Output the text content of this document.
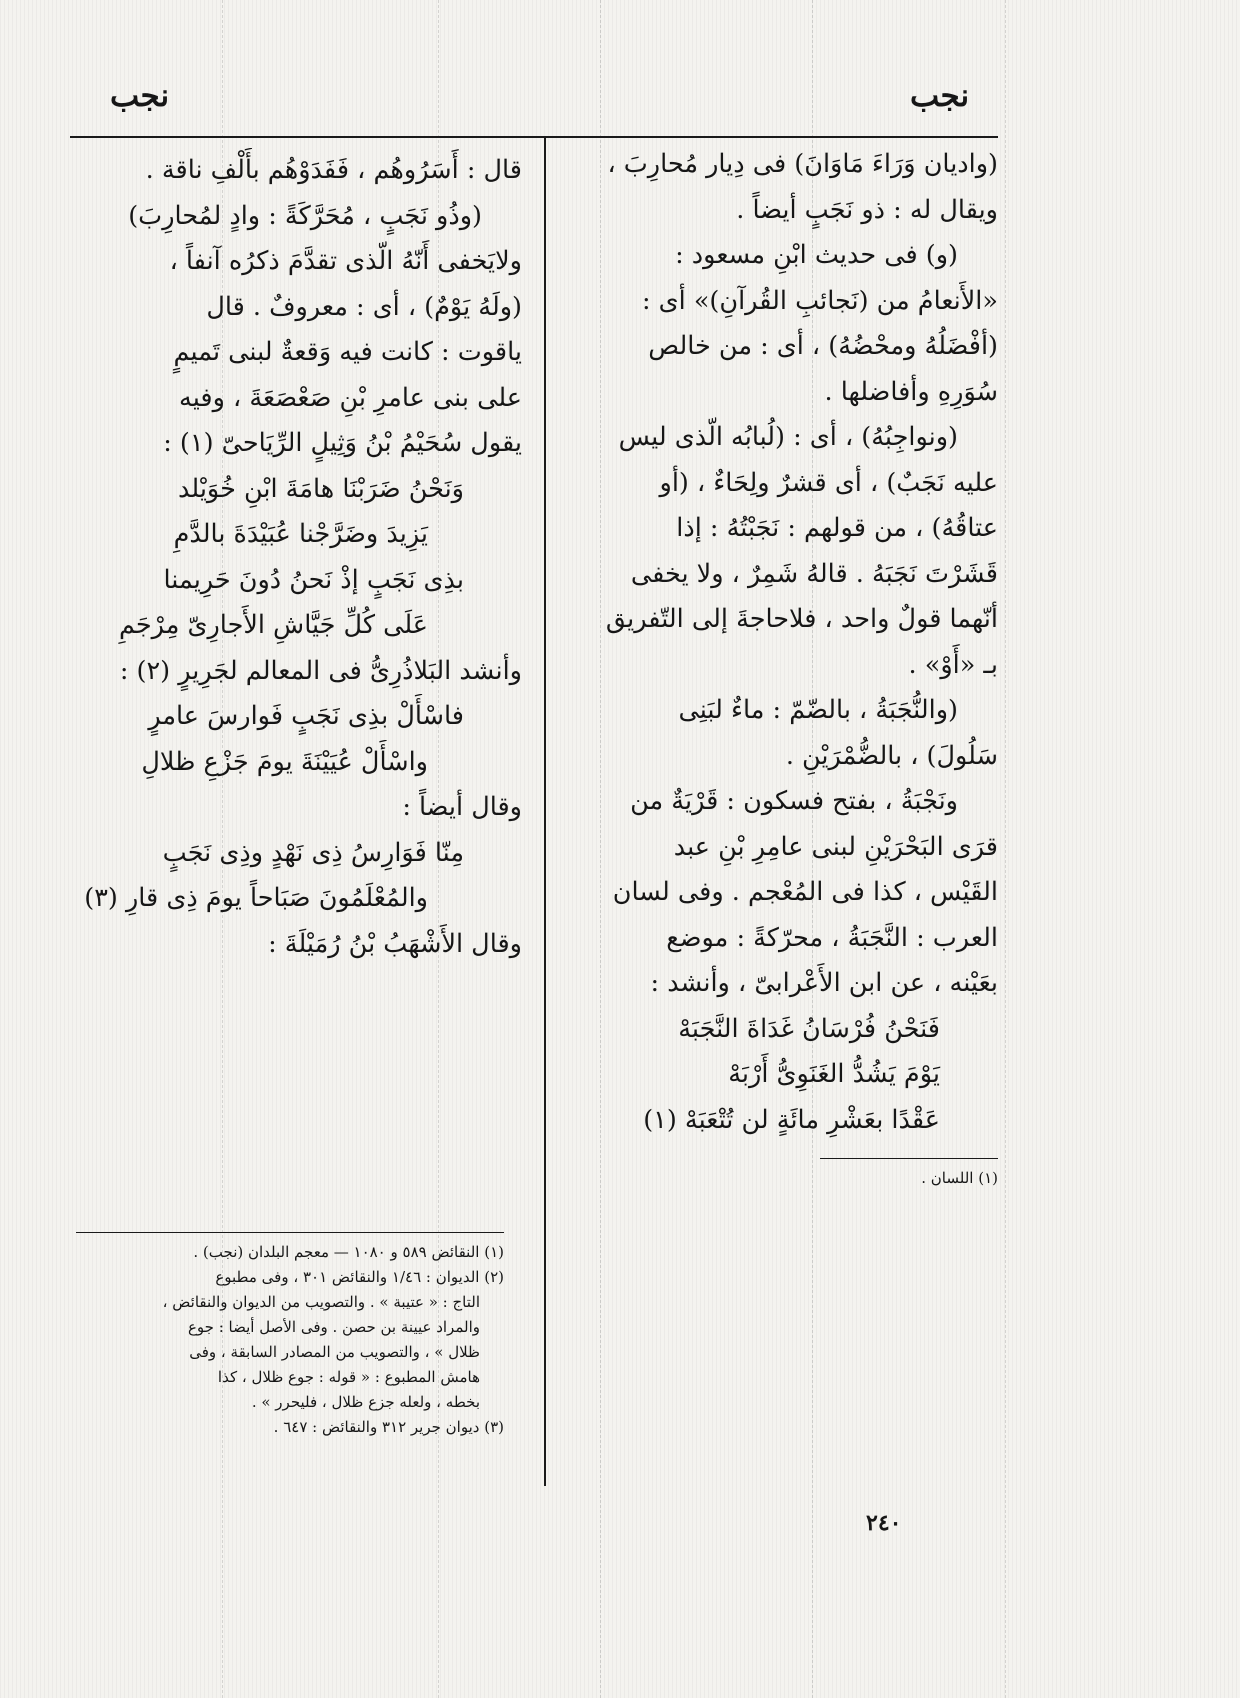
نجب	نجب
(واديان وَرَاءَ مَاوَانَ) فى دِيار مُحارِبَ ،
ويقال له : ذو نَجَبٍ أيضاً .
(و) فى حديث ابْنِ مسعود :
«الأَنعامُ من (نَجائبِ القُرآنِ)» أى :
(أفْضَلُهُ ومحْضُهُ) ، أى : من خالص
سُوَرِهِ وأفاضلها .
(ونواجِبُهُ) ، أى : (لُبابُه الّذى ليس
عليه نَجَبٌ) ، أى قشرٌ ولِحَاءٌ ، (أو
عتاقُهُ) ، من قولهم : نَجَبْتُهُ : إذا
قَشَرْتَ نَجَبَهُ . قالهُ شَمِرٌ ، ولا يخفى
أنّهما قولٌ واحد ، فلاحاجةَ إلى التّفريق
بـ «أَوْ» .
(والنُّجَبَةُ ، بالضّمّ : ماءٌ لبَنِى
سَلُولَ) ، بالضُّمْرَيْنِ .
ونَجْبَةُ ، بفتح فسكون : قَرْيَةٌ من
قرَى البَحْرَيْنِ لبنى عامِرِ بْنِ عبد
القَيْس ، كذا فى المُعْجم . وفى لسان
العرب : النَّجَبَةُ ، محرّكةً : موضع
بعَيْنه ، عن ابن الأَعْرابىّ ، وأنشد :
فَنَحْنُ فُرْسَانُ غَدَاةَ النَّجَبَهْ
يَوْمَ يَشُدُّ الغَنَوِىُّ أَرْبَهْ
عَقْدًا بعَشْرِ مائَةٍ لن تُتْعَبَهْ (١)
(١) اللسان .
قال : أَسَرُوهُم ، فَفَدَوْهُم بأَلْفِ ناقة .
(وذُو نَجَبٍ ، مُحَرَّكَةً : وادٍ لمُحارِبَ)
ولايَخفى أَنّهُ الّذى تقدَّمَ ذكرُه آنفاً ،
(ولَهُ يَوْمٌ) ، أى : معروفٌ . قال
ياقوت : كانت فيه وَقعةٌ لبنى تَميمٍ
على بنى عامرِ بْنِ صَعْصَعَةَ ، وفيه
يقول سُحَيْمُ بْنُ وَثِيلٍ الرِّيَاحىّ (١) :
وَنَحْنُ ضَرَبْنَا هامَةَ ابْنِ خُوَيْلد
يَزِيدَ وضَرَّجْنا عُبَيْدَةَ بالدَّمِ
بذِى نَجَبٍ إذْ نَحنُ دُونَ حَرِيمنا
عَلَى كُلِّ جَيَّاشِ الأَجارِىّ مِرْجَمِ
وأنشد البَلاذُرِىُّ فى المعالم لجَرِيرٍ (٢) :
فاسْأَلْ بذِى نَجَبٍ فَوارسَ عامرٍ
واسْأَلْ عُيَيْنَةَ يومَ جَزْعِ ظلالِ
وقال أيضاً :
مِنّا فَوَارِسُ ذِى نَهْدٍ وذِى نَجَبٍ
والمُعْلَمُونَ صَبَاحاً يومَ ذِى قارِ (٣)
وقال الأَشْهَبُ بْنُ رُمَيْلَةَ :
(١) النقائض ٥٨٩ و ١٠٨٠ — معجم البلدان (نجب) .
(٢) الديوان : ١/٤٦ والنقائض ٣٠١ ، وفى مطبوع
التاج : « عتيبة » . والتصويب من الديوان والنقائض ،
والمراد عيينة بن حصن . وفى الأصل أيضا : جوع
ظلال » ، والتصويب من المصادر السابقة ، وفى
هامش المطبوع : « قوله : جوع ظلال ، كذا
بخطه ، ولعله جزع ظلال ، فليحرر » .
(٣) ديوان جرير ٣١٢ والنقائض : ٦٤٧ .
٢٤٠
